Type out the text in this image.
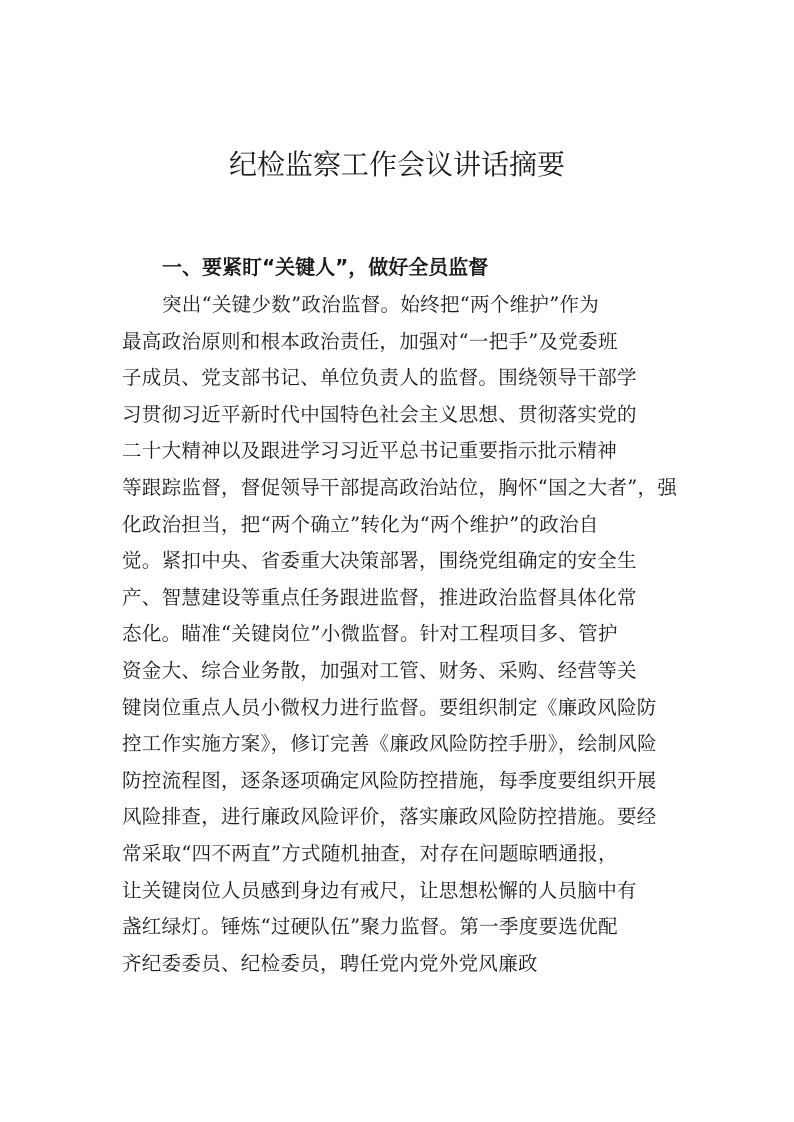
纪检监察工作会议讲话摘要
一、要紧盯“关键人”，做好全员监督
突出“关键少数”政治监督。始终把“两个维护”作为
最高政治原则和根本政治责任，加强对“一把手”及党委班
子成员、党支部书记、单位负责人的监督。围绕领导干部学
习贯彻习近平新时代中国特色社会主义思想、贯彻落实党的
二十大精神以及跟进学习习近平总书记重要指示批示精神
等跟踪监督，督促领导干部提高政治站位，胸怀“国之大者”，强
化政治担当，把“两个确立”转化为“两个维护”的政治自
觉。紧扣中央、省委重大决策部署，围绕党组确定的安全生
产、智慧建设等重点任务跟进监督，推进政治监督具体化常
态化。瞄准“关键岗位”小微监督。针对工程项目多、管护
资金大、综合业务散，加强对工管、财务、采购、经营等关
键岗位重点人员小微权力进行监督。要组织制定《廉政风险防
控工作实施方案》，修订完善《廉政风险防控手册》，绘制风险
防控流程图，逐条逐项确定风险防控措施，每季度要组织开展
风险排查，进行廉政风险评价，落实廉政风险防控措施。要经
常采取“四不两直”方式随机抽查，对存在问题晾晒通报，
让关键岗位人员感到身边有戒尺，让思想松懈的人员脑中有
盏红绿灯。锤炼“过硬队伍”聚力监督。第一季度要选优配
齐纪委委员、纪检委员，聘任党内党外党风廉政
